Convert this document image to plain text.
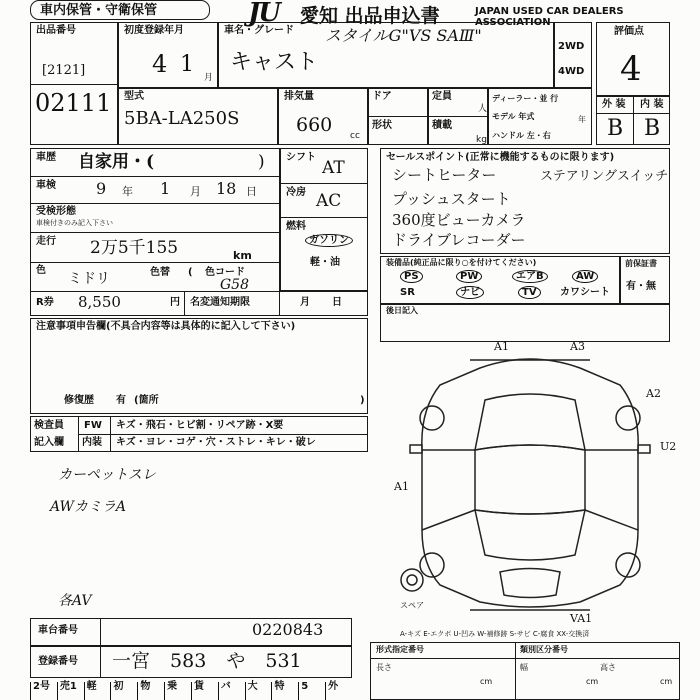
車内保管・守衛保管	JU 愛知 出品申込書	JAPAN USED CAR DEALERS ASSOCIATION
出品番号
[2121]
02111
初度登録年月
4 1
月
車名・グレード スタイルG"VS SAⅢ"
キャスト
2WD
4WD
評価点
4
型式
5BA-LA250S
排気量
660 cc
ドア
形状
定員
人
積載
kg
ディーラー・並 行
モデル 年式	年
ハンドル 左・右
外 装 内 装
B B
車歴 自家用・(	)
車検	9 年 1 月 18 日
受検形態
車検付きのみ記入下さい
走行 2万5千155	km
色
ミドリ	色替 ( 色コード
G58
R券 8,550	円 名変通知期限	月日
シフト
AT
冷房 AC
燃料
ガソリン
軽・油
セールスポイント(正常に機能するものに限ります)
シートヒーター	ステアリングスイッチ
プッシュスタート
360度ビューカメラ
ドライブレコーダー
装備品(純正品に限り○を付けてください)
PS	PW	エアB	AW
SR	ナビ	TV	カワシート
前保証書
有・無
後日記入
注意事項申告欄(不具合内容等は具体的に記入して下さい)
修復歴 有 (箇所	)
検査員
記入欄
FW キズ・飛石・ヒビ割・リペア跡・X要
内装 キズ・ヨレ・コゲ・穴・ストレ・キレ・破レ
カーペットスレ
AWカミラA
各AV
A1	A3
A2
U2
A1
VA1
スペア
A-キズ E-エクボ U-凹み W-補修跡 S-サビ C-腐食 XX-交換済
車台番号	0220843
登録番号 一宮 583 や 531
2号 売1 軽	初	物	乗	貨	バ	大	特	5	外
形式指定番号	類別区分番号
長さ
cm
幅
cm
高さ
cm
